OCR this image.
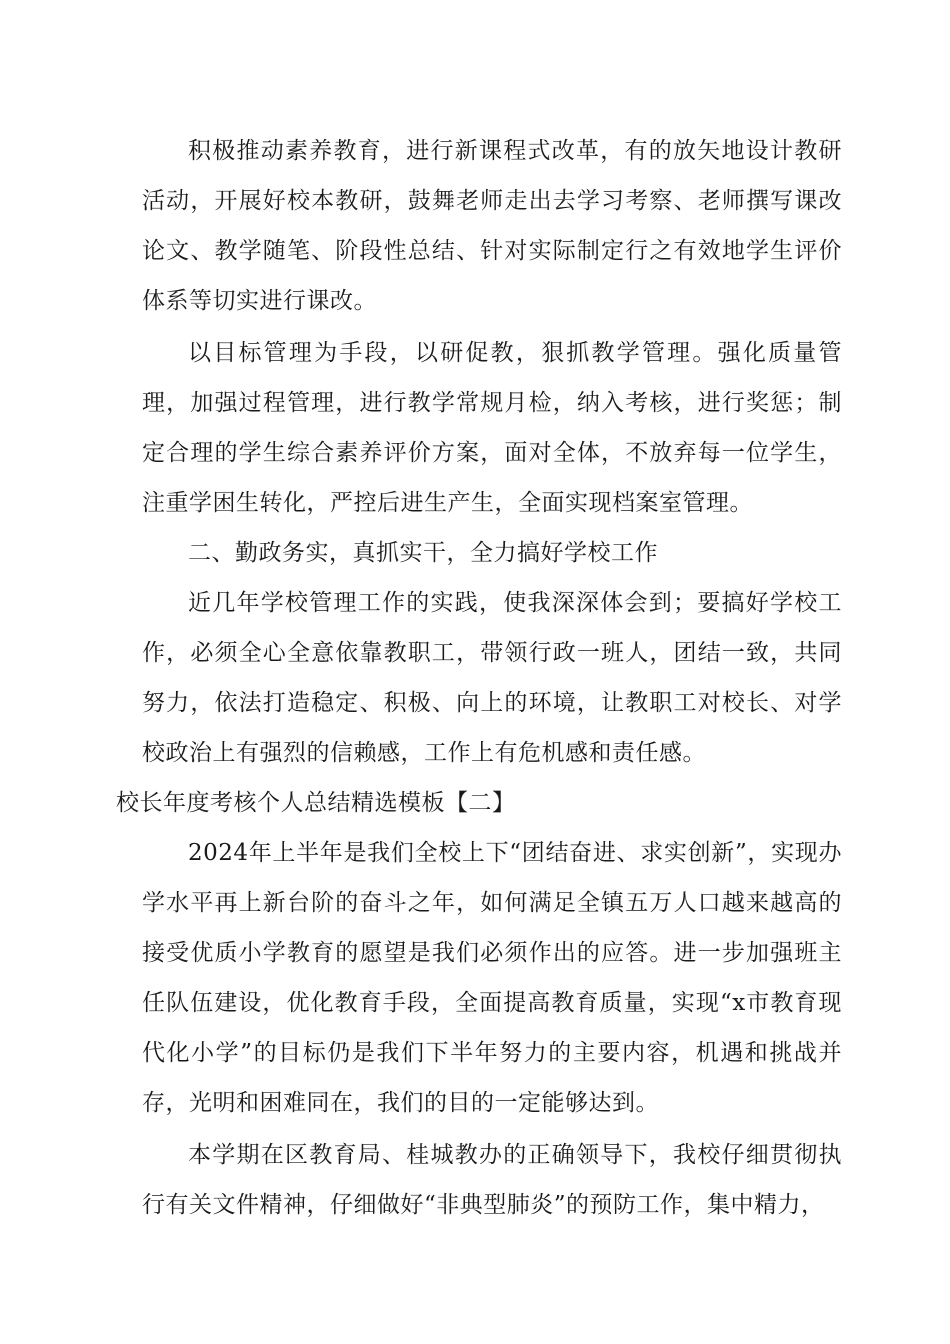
积极推动素养教育，进行新课程式改革，有的放矢地设计教研活动，开展好校本教研，鼓舞老师走出去学习考察、老师撰写课改论文、教学随笔、阶段性总结、针对实际制定行之有效地学生评价体系等切实进行课改。

以目标管理为手段，以研促教，狠抓教学管理。强化质量管理，加强过程管理，进行教学常规月检，纳入考核，进行奖惩；制定合理的学生综合素养评价方案，面对全体，不放弃每一位学生，注重学困生转化，严控后进生产生，全面实现档案室管理。

二、勤政务实，真抓实干，全力搞好学校工作

近几年学校管理工作的实践，使我深深体会到；要搞好学校工作，必须全心全意依靠教职工，带领行政一班人，团结一致，共同努力，依法打造稳定、积极、向上的环境，让教职工对校长、对学校政治上有强烈的信赖感，工作上有危机感和责任感。

校长年度考核个人总结精选模板【二】

2024年上半年是我们全校上下“团结奋进、求实创新”，实现办学水平再上新台阶的奋斗之年，如何满足全镇五万人口越来越高的接受优质小学教育的愿望是我们必须作出的应答。进一步加强班主任队伍建设，优化教育手段，全面提高教育质量，实现“x市教育现代化小学”的目标仍是我们下半年努力的主要内容，机遇和挑战并存，光明和困难同在，我们的目的一定能够达到。

本学期在区教育局、桂城教办的正确领导下，我校仔细贯彻执行有关文件精神，仔细做好“非典型肺炎”的预防工作，集中精力，
